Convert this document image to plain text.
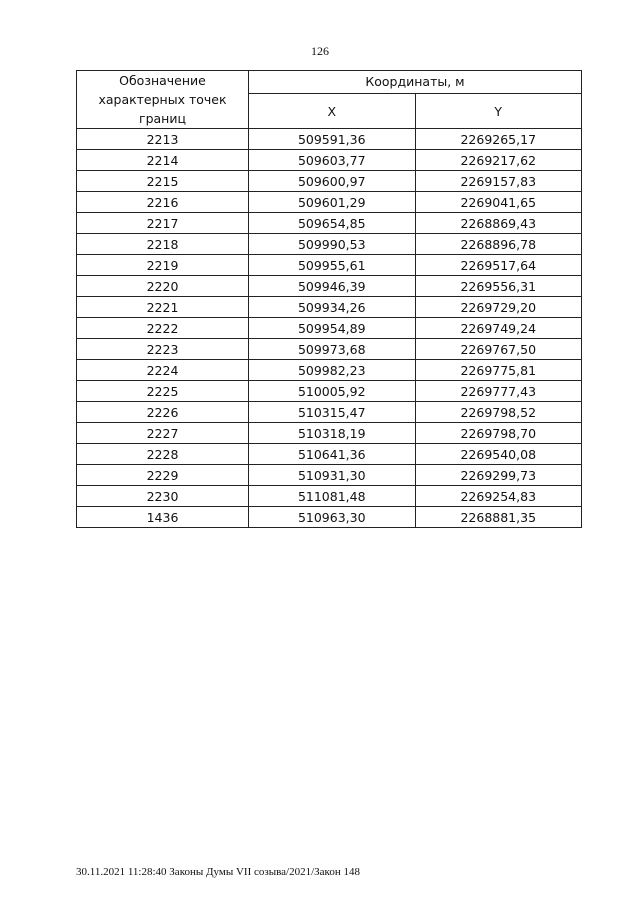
126
Обозначение характерных точек границ	Координаты, м	
	X	Y
2213	509591,36	2269265,17
2214	509603,77	2269217,62
2215	509600,97	2269157,83
2216	509601,29	2269041,65
2217	509654,85	2268869,43
2218	509990,53	2268896,78
2219	509955,61	2269517,64
2220	509946,39	2269556,31
2221	509934,26	2269729,20
2222	509954,89	2269749,24
2223	509973,68	2269767,50
2224	509982,23	2269775,81
2225	510005,92	2269777,43
2226	510315,47	2269798,52
2227	510318,19	2269798,70
2228	510641,36	2269540,08
2229	510931,30	2269299,73
2230	511081,48	2269254,83
1436	510963,30	2268881,35
30.11.2021 11:28:40 Законы Думы VII созыва/2021/Закон 148
